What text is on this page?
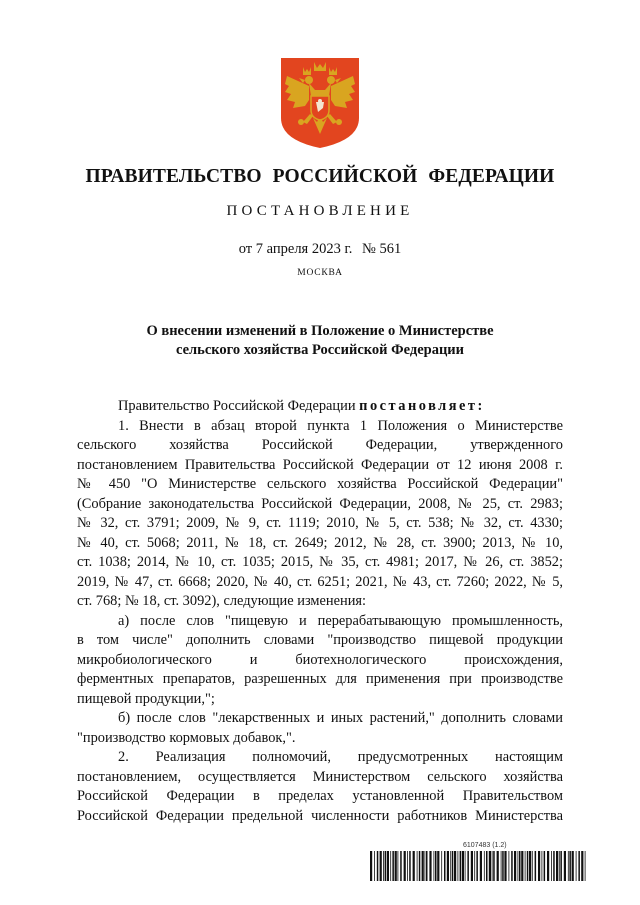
ПРАВИТЕЛЬСТВО РОССИЙСКОЙ ФЕДЕРАЦИИ
ПОСТАНОВЛЕНИЕ
от 7 апреля 2023 г. № 561
МОСКВА
О внесении изменений в Положение о Министерстве
сельского хозяйства Российской Федерации
Правительство Российской Федерации постановляет:
1. Внести в абзац второй пункта 1 Положения о Министерстве
сельского хозяйства Российской Федерации, утвержденного
постановлением Правительства Российской Федерации от 12 июня 2008 г.
№ 450 "О Министерстве сельского хозяйства Российской Федерации"
(Собрание законодательства Российской Федерации, 2008, № 25, ст. 2983;
№ 32, ст. 3791; 2009, № 9, ст. 1119; 2010, № 5, ст. 538; № 32, ст. 4330;
№ 40, ст. 5068; 2011, № 18, ст. 2649; 2012, № 28, ст. 3900; 2013, № 10,
ст. 1038; 2014, № 10, ст. 1035; 2015, № 35, ст. 4981; 2017, № 26, ст. 3852;
2019, № 47, ст. 6668; 2020, № 40, ст. 6251; 2021, № 43, ст. 7260; 2022, № 5,
ст. 768; № 18, ст. 3092), следующие изменения:
а) после слов "пищевую и перерабатывающую промышленность,
в том числе" дополнить словами "производство пищевой продукции
микробиологического и биотехнологического происхождения,
ферментных препаратов, разрешенных для применения при производстве
пищевой продукции,";
б) после слов "лекарственных и иных растений," дополнить словами
"производство кормовых добавок,".
2. Реализация полномочий, предусмотренных настоящим
постановлением, осуществляется Министерством сельского хозяйства
Российской Федерации в пределах установленной Правительством
Российской Федерации предельной численности работников Министерства
6107483 (1.2)
